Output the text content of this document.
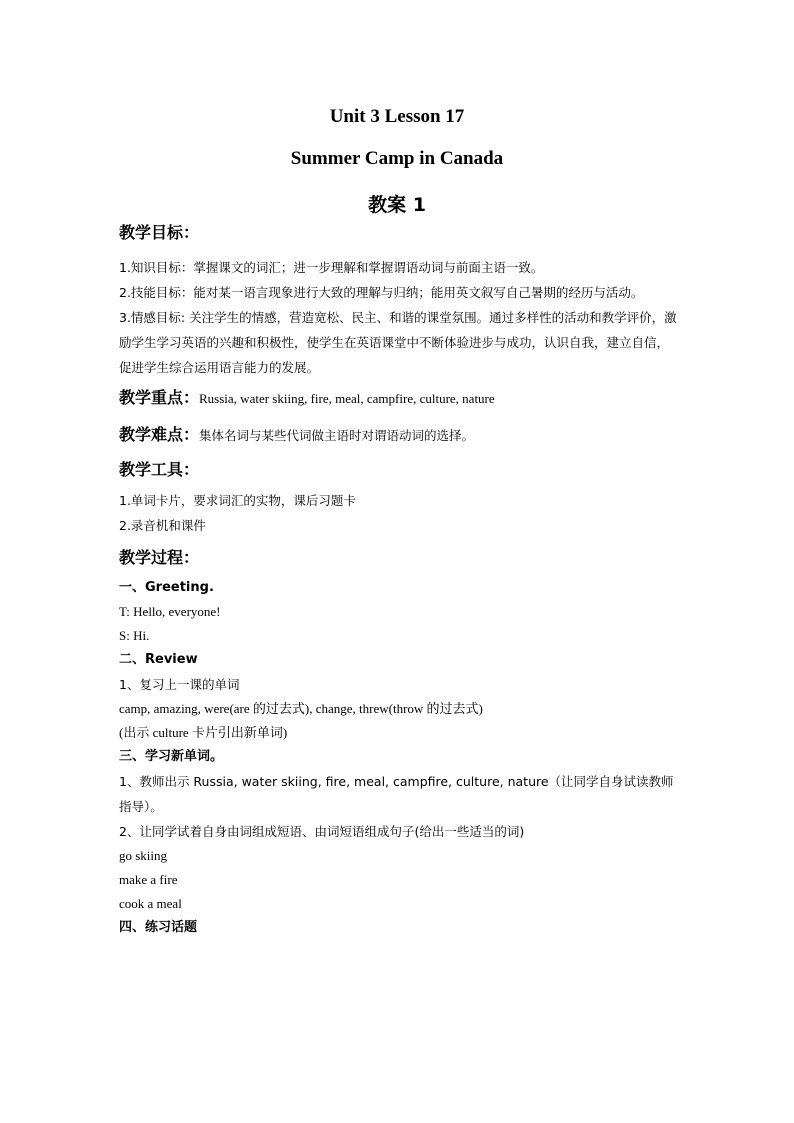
Unit 3 Lesson 17
Summer Camp in Canada
教案 1
教学目标：
1.知识目标：掌握课文的词汇；进一步理解和掌握谓语动词与前面主语一致。
2.技能目标：能对某一语言现象进行大致的理解与归纳；能用英文叙写自己暑期的经历与活动。
3.情感目标: 关注学生的情感，营造宽松、民主、和谐的课堂氛围。通过多样性的活动和教学评价，激励学生学习英语的兴趣和积极性，使学生在英语课堂中不断体验进步与成功，认识自我，建立自信，促进学生综合运用语言能力的发展。
教学重点：Russia, water skiing, fire, meal, campfire, culture, nature
教学难点：集体名词与某些代词做主语时对谓语动词的选择。
教学工具：
1.单词卡片，要求词汇的实物，课后习题卡
2.录音机和课件
教学过程：
一、Greeting.
T: Hello, everyone!
S: Hi.
二、Review
1、复习上一课的单词
camp, amazing, were(are 的过去式), change, threw(throw 的过去式)
(出示 culture 卡片引出新单词)
三、学习新单词。
1、教师出示 Russia, water skiing, fire, meal, campfire, culture, nature（让同学自身试读教师指导）。
2、让同学试着自身由词组成短语、由词短语组成句子(给出一些适当的词)
go skiing
make a fire
cook a meal
四、练习话题
